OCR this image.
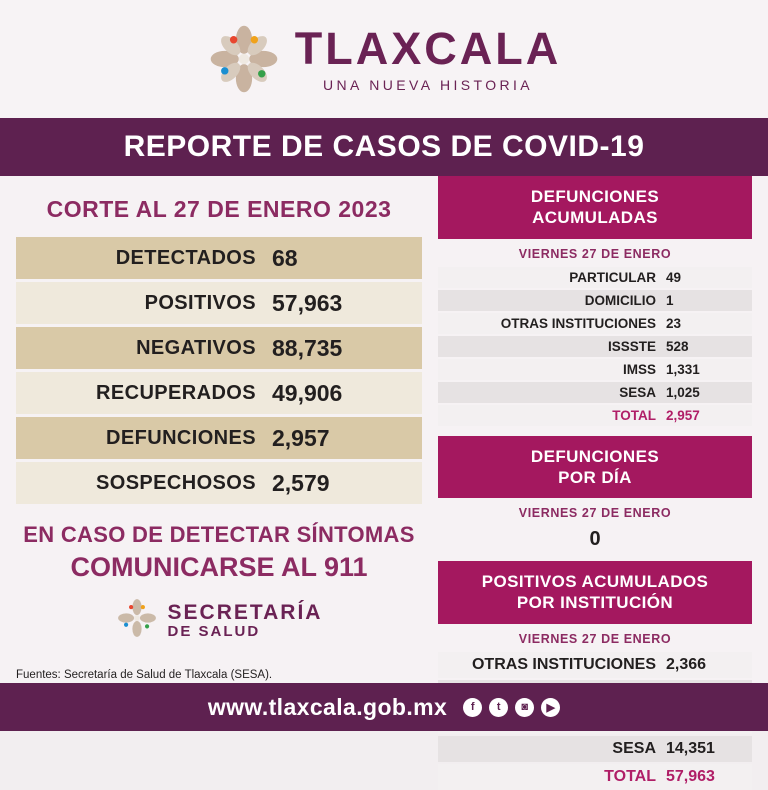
TLAXCALA
UNA NUEVA HISTORIA
REPORTE DE CASOS DE COVID-19
CORTE AL 27 DE ENERO 2023
DETECTADOS 68
POSITIVOS 57,963
NEGATIVOS 88,735
RECUPERADOS 49,906
DEFUNCIONES 2,957
SOSPECHOSOS 2,579
EN CASO DE DETECTAR SÍNTOMAS
COMUNICARSE AL 911
SECRETARÍA
DE SALUD
DEFUNCIONES
ACUMULADAS
VIERNES 27 DE ENERO
PARTICULAR 49
DOMICILIO 1
OTRAS INSTITUCIONES 23
ISSSTE 528
IMSS 1,331
SESA 1,025
TOTAL 2,957
DEFUNCIONES
POR DÍA
VIERNES 27 DE ENERO
0
POSITIVOS ACUMULADOS
POR INSTITUCIÓN
VIERNES 27 DE ENERO
OTRAS INSTITUCIONES 2,366
SESA 14,351
TOTAL 57,963
Fuentes: Secretaría de Salud de Tlaxcala (SESA).
www.tlaxcala.gob.mx	f	t	◙	▶
